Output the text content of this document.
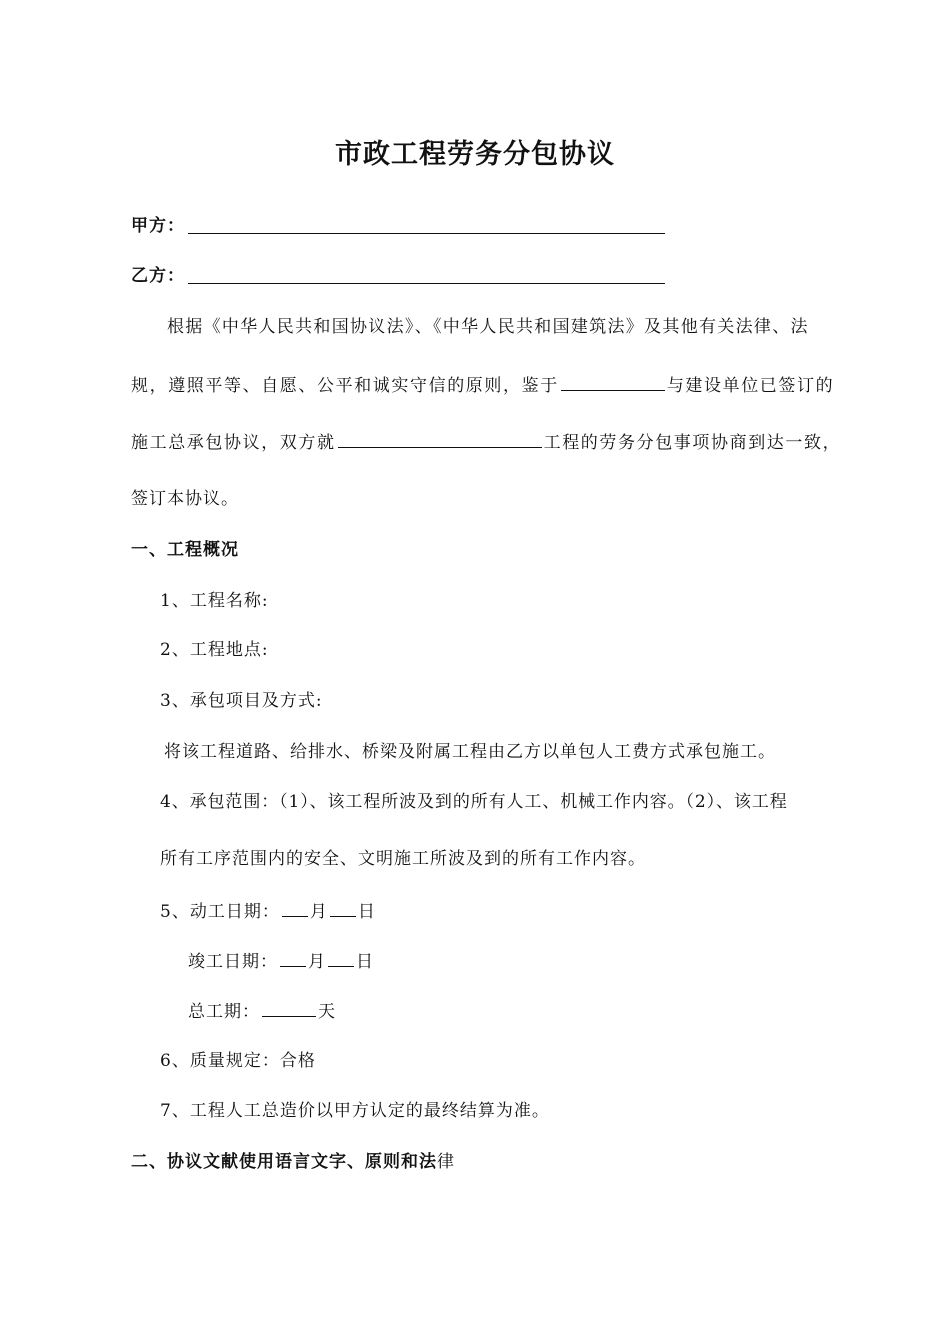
市政工程劳务分包协议
甲方：
乙方：
根据《中华人民共和国协议法》、《中华人民共和国建筑法》及其他有关法律、法
规，遵照平等、自愿、公平和诚实守信的原则，鉴于	与建设单位已签订的
施工总承包协议，双方就	工程的劳务分包事项协商到达一致，
签订本协议。
一、工程概况
1、工程名称:
2、工程地点:
3、承包项目及方式:
将该工程道路、给排水、桥梁及附属工程由乙方以单包人工费方式承包施工。
4、承包范围：（1）、该工程所波及到的所有人工、机械工作内容。（2）、该工程
所有工序范围内的安全、文明施工所波及到的所有工作内容。
5、动工日期： 月 日
竣工日期： 月 日
总工期：	天
6、质量规定：合格
7、工程人工总造价以甲方认定的最终结算为准。
二、协议文献使用语言文字、原则和法律
